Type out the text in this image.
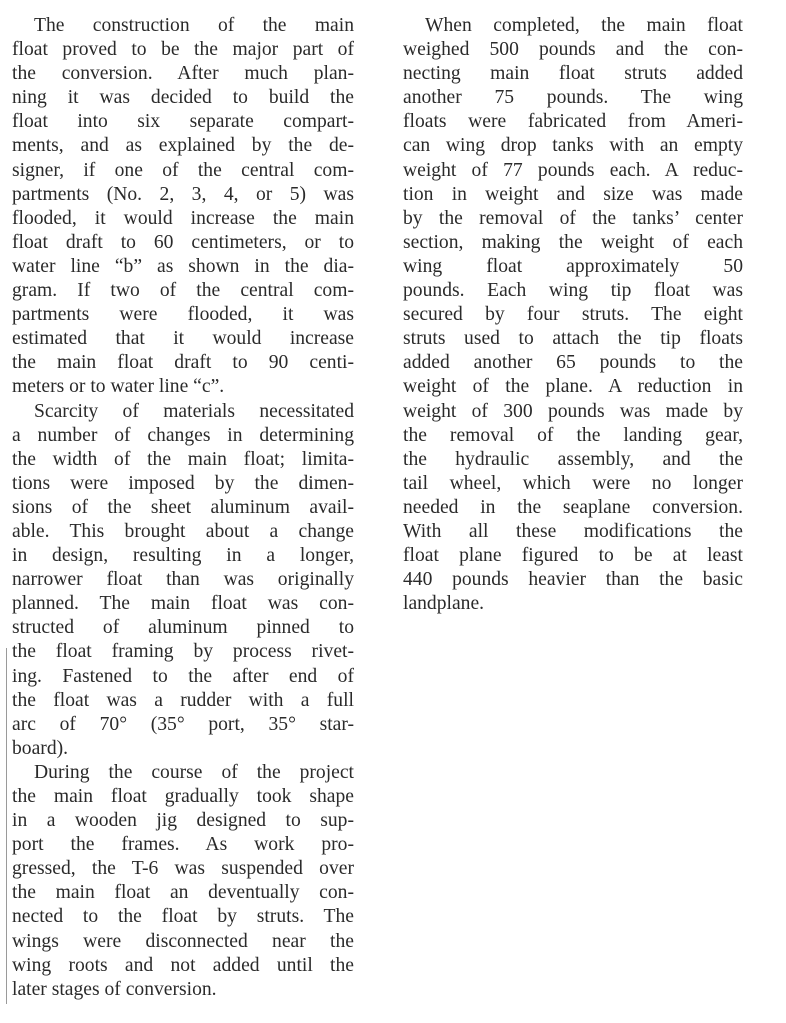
The construction of the main
float proved to be the major part of
the conversion. After much plan-
ning it was decided to build the
float into six separate compart-
ments, and as explained by the de-
signer, if one of the central com-
partments (No. 2, 3, 4, or 5) was
flooded, it would increase the main
float draft to 60 centimeters, or to
water line “b” as shown in the dia-
gram. If two of the central com-
partments were flooded, it was
estimated that it would increase
the main float draft to 90 centi-
meters or to water line “c”.
Scarcity of materials necessitated
a number of changes in determining
the width of the main float; limita-
tions were imposed by the dimen-
sions of the sheet aluminum avail-
able. This brought about a change
in design, resulting in a longer,
narrower float than was originally
planned. The main float was con-
structed of aluminum pinned to
the float framing by process rivet-
ing. Fastened to the after end of
the float was a rudder with a full
arc of 70° (35° port, 35° star-
board).
During the course of the project
the main float gradually took shape
in a wooden jig designed to sup-
port the frames. As work pro-
gressed, the T-6 was suspended over
the main float an deventually con-
nected to the float by struts. The
wings were disconnected near the
wing roots and not added until the
later stages of conversion.
When completed, the main float
weighed 500 pounds and the con-
necting main float struts added
another 75 pounds. The wing
floats were fabricated from Ameri-
can wing drop tanks with an empty
weight of 77 pounds each. A reduc-
tion in weight and size was made
by the removal of the tanks’ center
section, making the weight of each
wing float approximately 50
pounds. Each wing tip float was
secured by four struts. The eight
struts used to attach the tip floats
added another 65 pounds to the
weight of the plane. A reduction in
weight of 300 pounds was made by
the removal of the landing gear,
the hydraulic assembly, and the
tail wheel, which were no longer
needed in the seaplane conversion.
With all these modifications the
float plane figured to be at least
440 pounds heavier than the basic
landplane.
